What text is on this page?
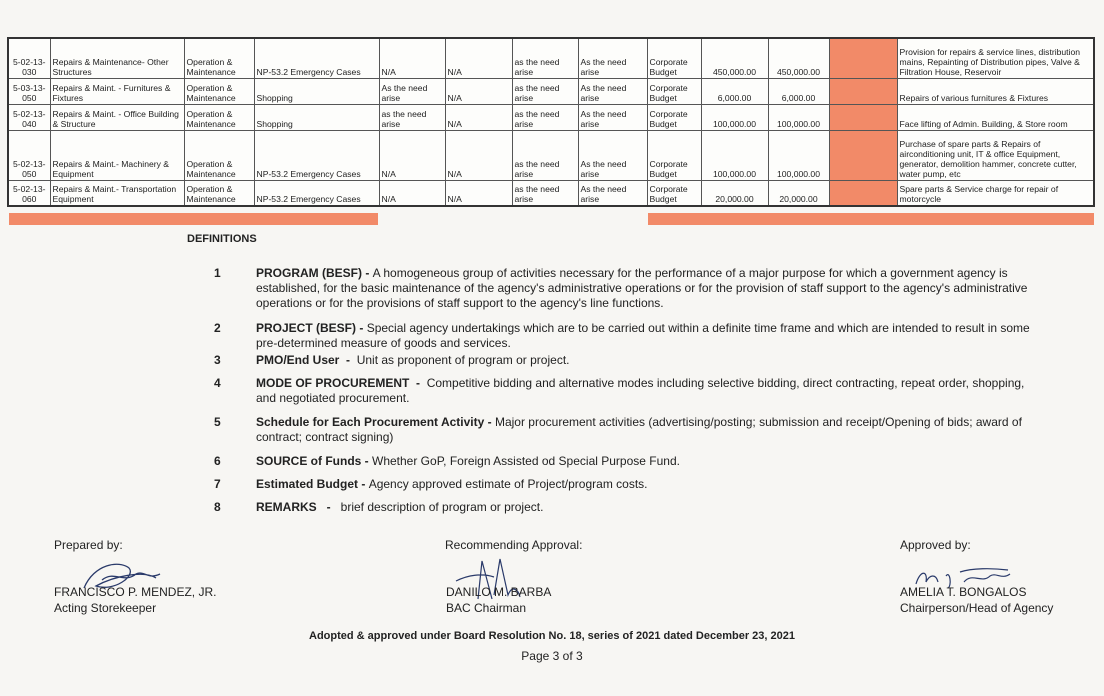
5-02-13-030	Repairs & Maintenance- Other Structures	Operation & Maintenance	NP-53.2 Emergency Cases	N/A	N/A	as the need arise	As the need arise	Corporate Budget	450,000.00	450,000.00		Provision for repairs & service lines, distribution mains, Repainting of Distribution pipes, Valve & Filtration House, Reservoir
5-03-13-050	Repairs & Maint. - Furnitures & Fixtures	Operation & Maintenance	Shopping	As the need arise	N/A	as the need arise	As the need arise	Corporate Budget	6,000.00	6,000.00		Repairs of various furnitures & Fixtures
5-02-13-040	Repairs & Maint. - Office Building & Structure	Operation & Maintenance	Shopping	as the need arise	N/A	as the need arise	As the need arise	Corporate Budget	100,000.00	100,000.00		Face lifting of Admin. Building, & Store room
5-02-13-050	Repairs & Maint.- Machinery & Equipment	Operation & Maintenance	NP-53.2 Emergency Cases	N/A	N/A	as the need arise	As the need arise	Corporate Budget	100,000.00	100,000.00		Purchase of spare parts & Repairs of airconditioning unit, IT & office Equipment, generator, demolition hammer, concrete cutter, water pump, etc
5-02-13-060	Repairs & Maint.- Transportation Equipment	Operation & Maintenance	NP-53.2 Emergency Cases	N/A	N/A	as the need arise	As the need arise	Corporate Budget	20,000.00	20,000.00		Spare parts & Service charge for repair of motorcycle
DEFINITIONS
1	PROGRAM (BESF) - A homogeneous group of activities necessary for the performance of a major purpose for which a government agency is established, for the basic maintenance of the agency's administrative operations or for the provision of staff support to the agency's administrative operations or for the provisions of staff support to the agency's line functions.
2	PROJECT (BESF) - Special agency undertakings which are to be carried out within a definite time frame and which are intended to result in some pre-determined measure of goods and services.
3	PMO/End User  -  Unit as proponent of program or project.
4	MODE OF PROCUREMENT  -  Competitive bidding and alternative modes including selective bidding, direct contracting, repeat order, shopping, and negotiated procurement.
5	Schedule for Each Procurement Activity - Major procurement activities (advertising/posting; submission and receipt/Opening of bids; award of contract; contract signing)
6	SOURCE of Funds - Whether GoP, Foreign Assisted od Special Purpose Fund.
7	Estimated Budget - Agency approved estimate of Project/program costs.
8	REMARKS   -   brief description of program or project.
Prepared by:
FRANCISCO P. MENDEZ, JR.
Acting Storekeeper
Recommending Approval:
DANILO M. BARBA
BAC Chairman
Approved by:
AMELIA T. BONGALOS
Chairperson/Head of Agency
Adopted & approved under Board Resolution No. 18, series of 2021 dated December 23, 2021
Page 3 of 3
